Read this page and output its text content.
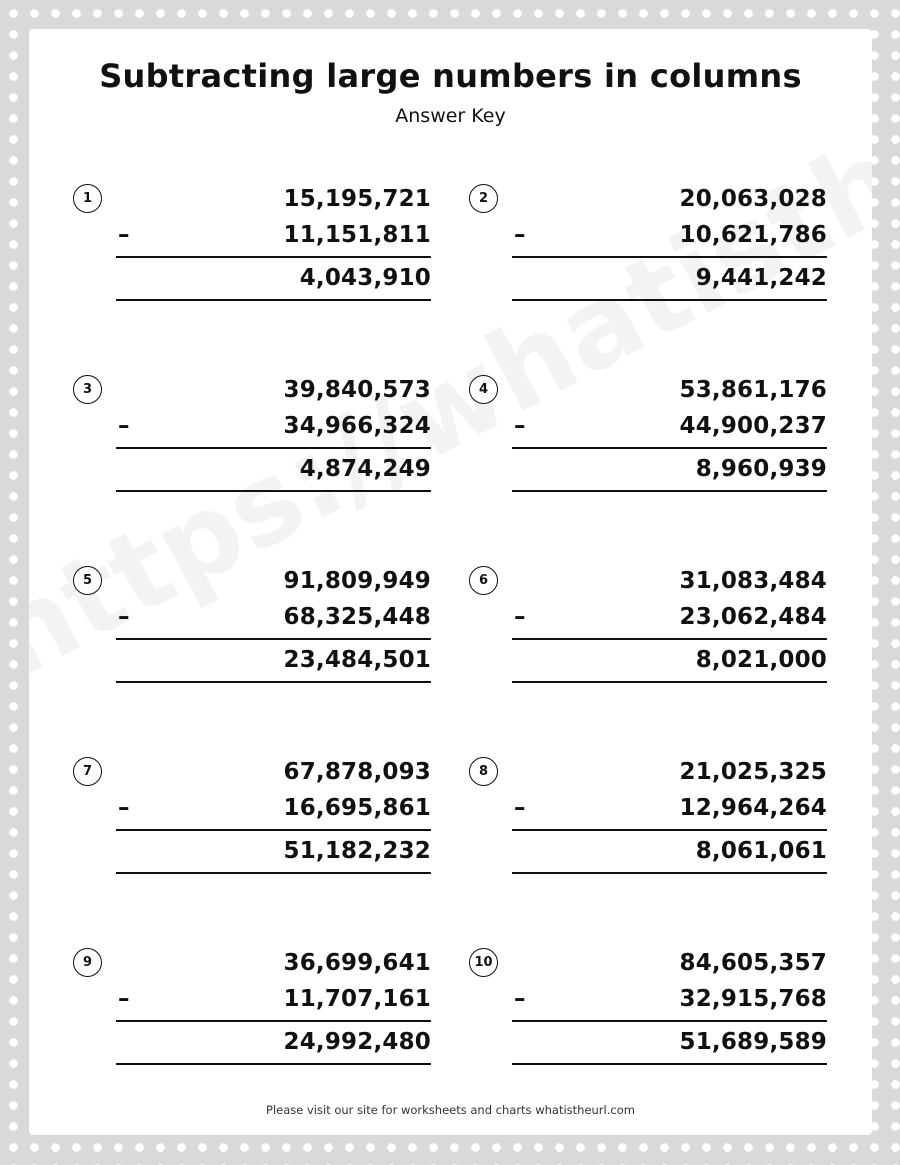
Subtracting large numbers in columns
Answer Key
1	15,195,721
–	11,151,811
4,043,910
2	20,063,028
–	10,621,786
9,441,242
3	39,840,573
–	34,966,324
4,874,249
4	53,861,176
–	44,900,237
8,960,939
5	91,809,949
–	68,325,448
23,484,501
6	31,083,484
–	23,062,484
8,021,000
7	67,878,093
–	16,695,861
51,182,232
8	21,025,325
–	12,964,264
8,061,061
9	36,699,641
–	11,707,161
24,992,480
10	84,605,357
–	32,915,768
51,689,589
Please visit our site for worksheets and charts whatistheurl.com
